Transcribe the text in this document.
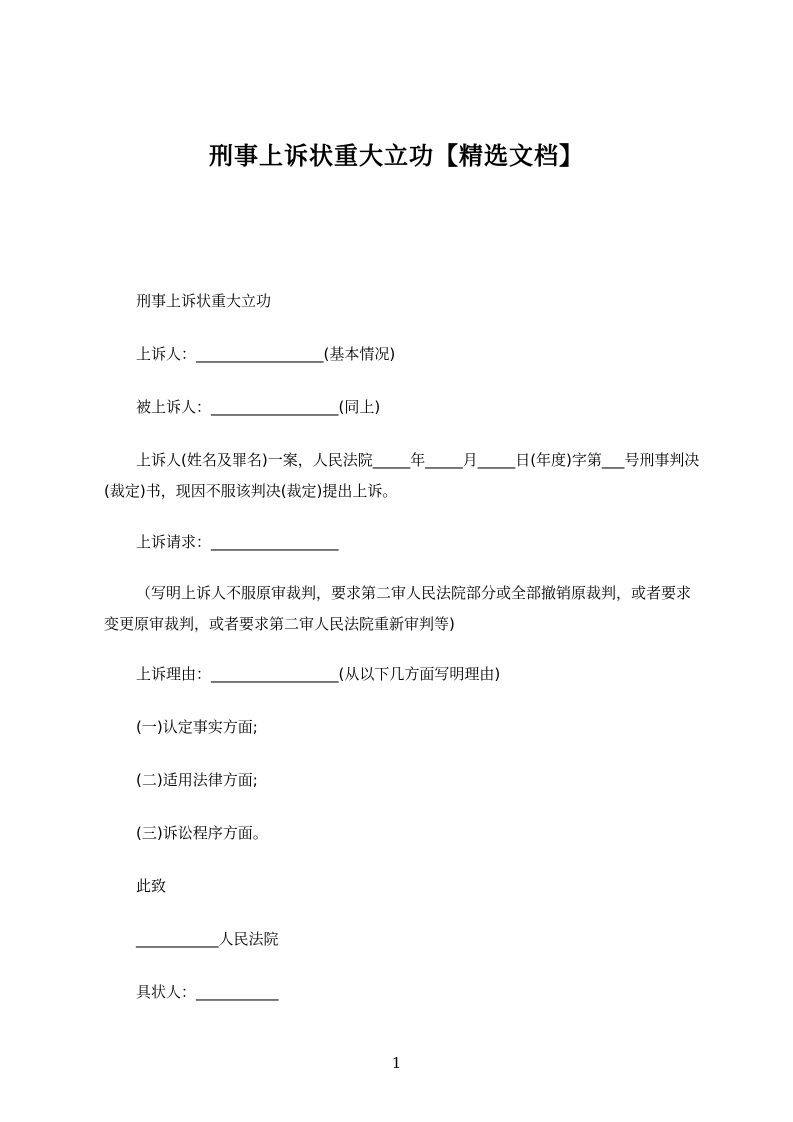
刑事上诉状重大立功【精选文档】

刑事上诉状重大立功

上诉人：_________________(基本情况)

被上诉人：_________________(同上)

上诉人(姓名及罪名)一案，人民法院_____年_____月_____日(年度)字第___号刑事判决(裁定)书，现因不服该判决(裁定)提出上诉。

上诉请求：_________________

（写明上诉人不服原审裁判，要求第二审人民法院部分或全部撤销原裁判，或者要求变更原审裁判，或者要求第二审人民法院重新审判等)

上诉理由：_________________(从以下几方面写明理由)

(一)认定事实方面;

(二)适用法律方面;

(三)诉讼程序方面。

此致

___________人民法院

具状人：___________

1
